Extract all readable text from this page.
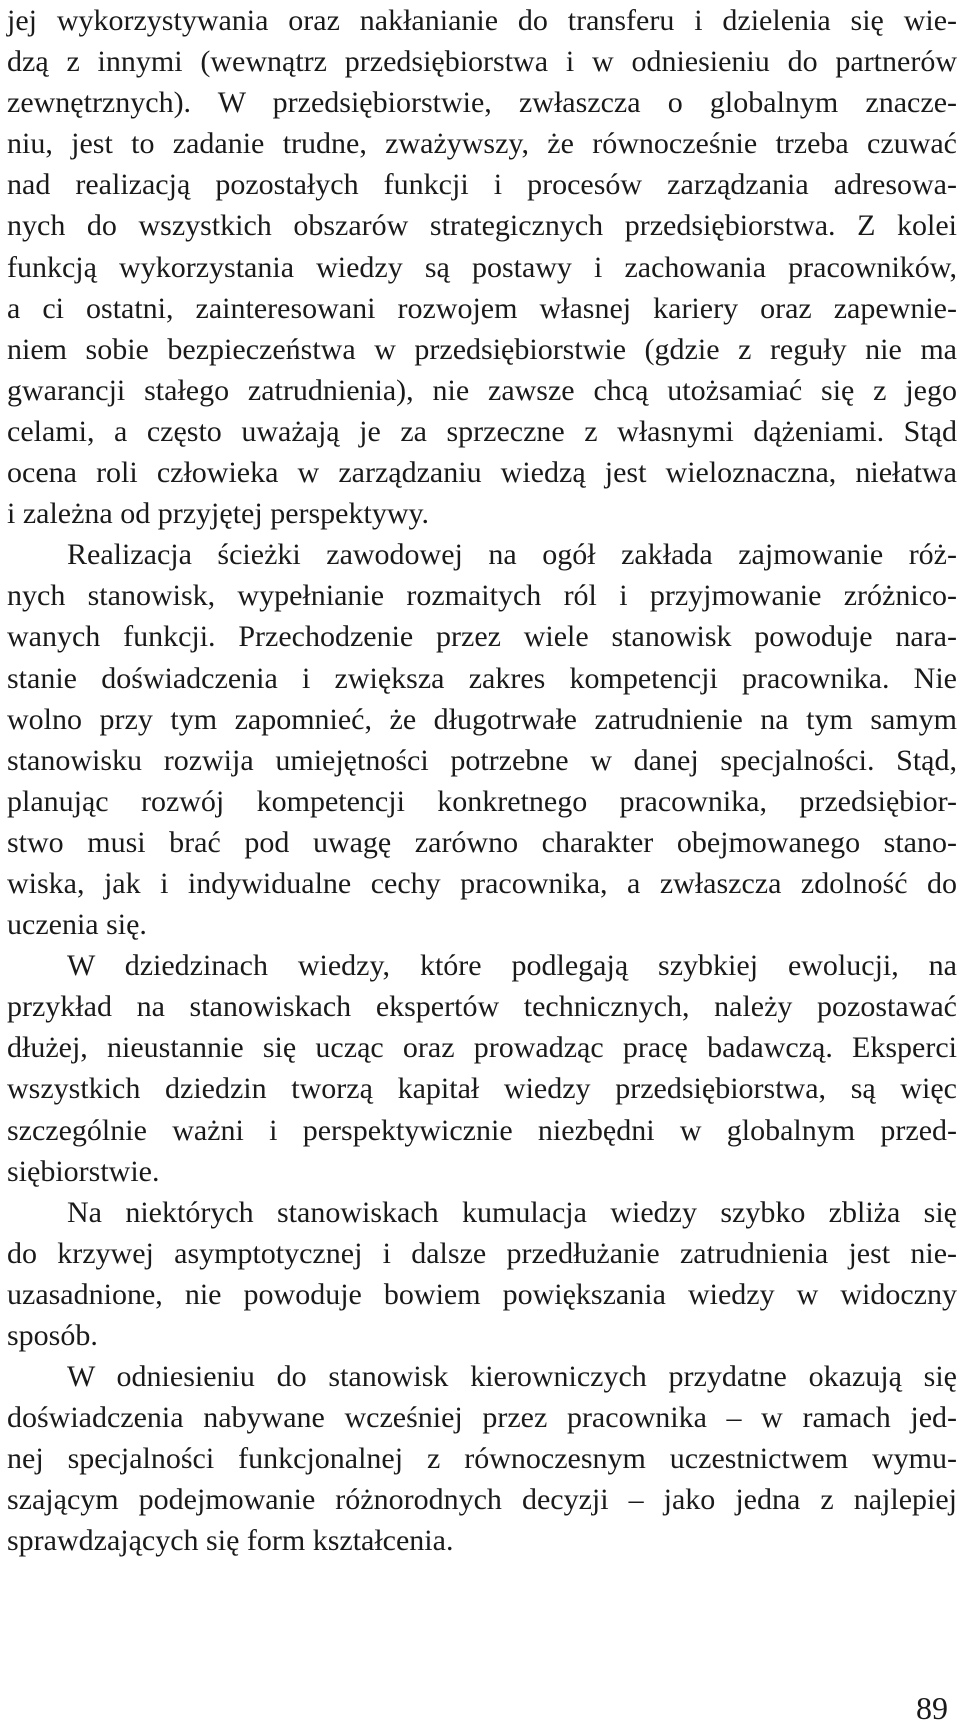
jej wykorzystywania oraz nakłanianie do transferu i dzielenia się wie-
dzą z innymi (wewnątrz przedsiębiorstwa i w odniesieniu do partnerów
zewnętrznych). W przedsiębiorstwie, zwłaszcza o globalnym znacze-
niu, jest to zadanie trudne, zważywszy, że równocześnie trzeba czuwać
nad realizacją pozostałych funkcji i procesów zarządzania adresowa-
nych do wszystkich obszarów strategicznych przedsiębiorstwa. Z kolei
funkcją wykorzystania wiedzy są postawy i zachowania pracowników,
a ci ostatni, zainteresowani rozwojem własnej kariery oraz zapewnie-
niem sobie bezpieczeństwa w przedsiębiorstwie (gdzie z reguły nie ma
gwarancji stałego zatrudnienia), nie zawsze chcą utożsamiać się z jego
celami, a często uważają je za sprzeczne z własnymi dążeniami. Stąd
ocena roli człowieka w zarządzaniu wiedzą jest wieloznaczna, niełatwa
i zależna od przyjętej perspektywy.
Realizacja ścieżki zawodowej na ogół zakłada zajmowanie róż-
nych stanowisk, wypełnianie rozmaitych ról i przyjmowanie zróżnico-
wanych funkcji. Przechodzenie przez wiele stanowisk powoduje nara-
stanie doświadczenia i zwiększa zakres kompetencji pracownika. Nie
wolno przy tym zapomnieć, że długotrwałe zatrudnienie na tym samym
stanowisku rozwija umiejętności potrzebne w danej specjalności. Stąd,
planując rozwój kompetencji konkretnego pracownika, przedsiębior-
stwo musi brać pod uwagę zarówno charakter obejmowanego stano-
wiska, jak i indywidualne cechy pracownika, a zwłaszcza zdolność do
uczenia się.
W dziedzinach wiedzy, które podlegają szybkiej ewolucji, na
przykład na stanowiskach ekspertów technicznych, należy pozostawać
dłużej, nieustannie się ucząc oraz prowadząc pracę badawczą. Eksperci
wszystkich dziedzin tworzą kapitał wiedzy przedsiębiorstwa, są więc
szczególnie ważni i perspektywicznie niezbędni w globalnym przed-
siębiorstwie.
Na niektórych stanowiskach kumulacja wiedzy szybko zbliża się
do krzywej asymptotycznej i dalsze przedłużanie zatrudnienia jest nie-
uzasadnione, nie powoduje bowiem powiększania wiedzy w widoczny
sposób.
W odniesieniu do stanowisk kierowniczych przydatne okazują się
doświadczenia nabywane wcześniej przez pracownika – w ramach jed-
nej specjalności funkcjonalnej z równoczesnym uczestnictwem wymu-
szającym podejmowanie różnorodnych decyzji – jako jedna z najlepiej
sprawdzających się form kształcenia.
89
